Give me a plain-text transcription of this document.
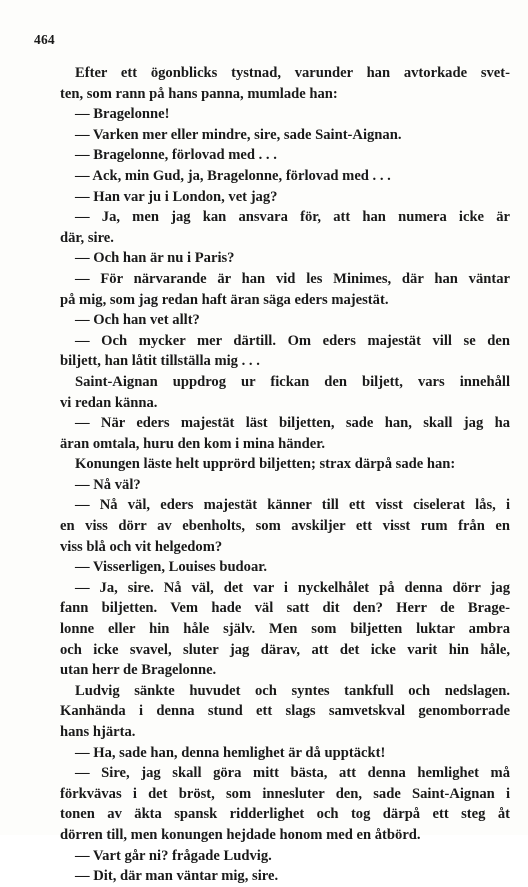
464

Efter ett ögonblicks tystnad, varunder han avtorkade svet-
ten, som rann på hans panna, mumlade han:

— Bragelonne!

— Varken mer eller mindre, sire, sade Saint-Aignan.

— Bragelonne, förlovad med . . .

— Ack, min Gud, ja, Bragelonne, förlovad med . . .

— Han var ju i London, vet jag?

— Ja, men jag kan ansvara för, att han numera icke är
där, sire.

— Och han är nu i Paris?

— För närvarande är han vid les Minimes, där han väntar
på mig, som jag redan haft äran säga eders majestät.

— Och han vet allt?

— Och mycker mer därtill. Om eders majestät vill se den
biljett, han låtit tillställa mig . . .

Saint-Aignan uppdrog ur fickan den biljett, vars innehåll
vi redan känna.

— När eders majestät läst biljetten, sade han, skall jag ha
äran omtala, huru den kom i mina händer.

Konungen läste helt upprörd biljetten; strax därpå sade han:

— Nå väl?

— Nå väl, eders majestät känner till ett visst ciselerat lås, i
en viss dörr av ebenholts, som avskiljer ett visst rum från en
viss blå och vit helgedom?

— Visserligen, Louises budoar.

— Ja, sire. Nå väl, det var i nyckelhålet på denna dörr jag
fann biljetten. Vem hade väl satt dit den? Herr de Brage-
lonne eller hin håle själv. Men som biljetten luktar ambra
och icke svavel, sluter jag därav, att det icke varit hin håle,
utan herr de Bragelonne.

Ludvig sänkte huvudet och syntes tankfull och nedslagen.
Kanhända i denna stund ett slags samvetskval genomborrade
hans hjärta.

— Ha, sade han, denna hemlighet är då upptäckt!

— Sire, jag skall göra mitt bästa, att denna hemlighet må
förkvävas i det bröst, som innesluter den, sade Saint-Aignan i
tonen av äkta spansk ridderlighet och tog därpå ett steg åt
dörren till, men konungen hejdade honom med en åtbörd.

— Vart går ni? frågade Ludvig.

— Dit, där man väntar mig, sire.
